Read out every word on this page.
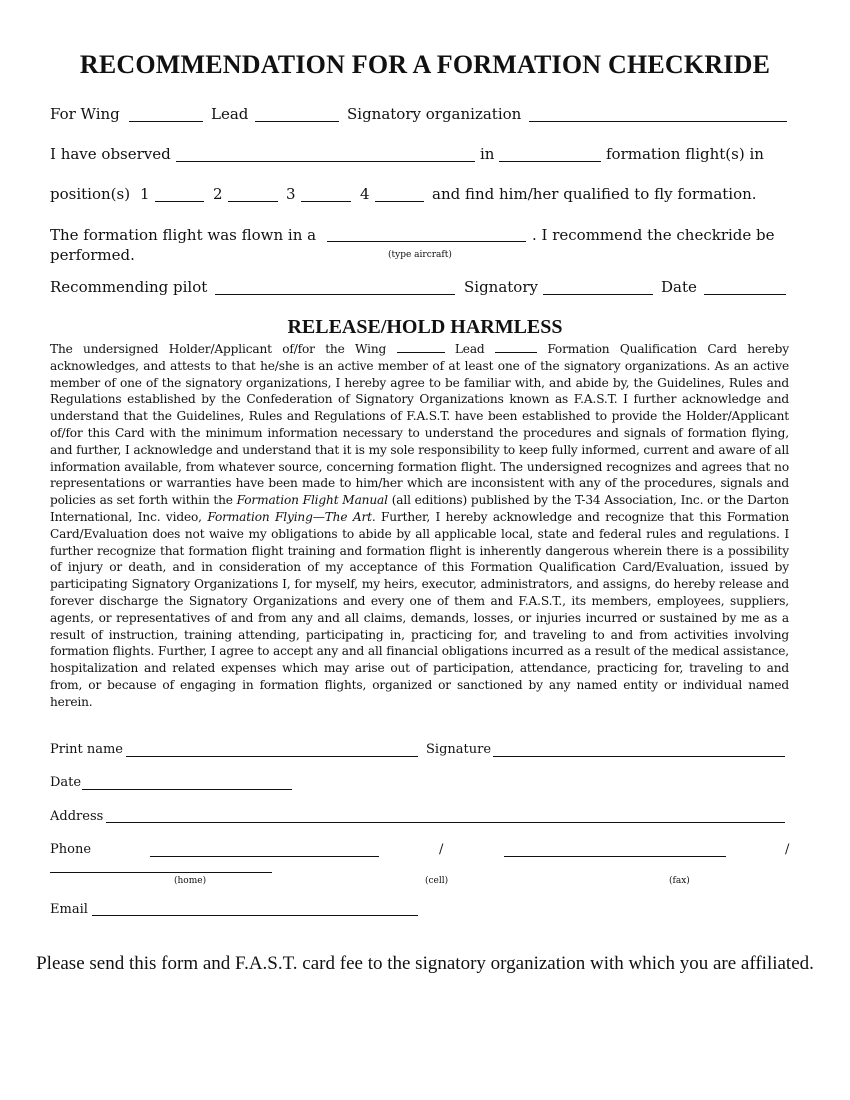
RECOMMENDATION FOR A FORMATION CHECKRIDE
For Wing	Lead	Signatory organization
I have observed	in	formation flight(s) in
position(s) 1	2	3	4	and find him/her qualified to fly formation.
The formation flight was flown in a	. I recommend the checkride be
performed.	(type aircraft)
Recommending pilot	Signatory	Date
RELEASE/HOLD HARMLESS
The undersigned Holder/Applicant of/for the Wing	Lead	Formation Qualification Card hereby acknowledges, and attests to that he/she is an active member of at least one of the signatory organizations. As an active member of one of the signatory organizations, I hereby agree to be familiar with, and abide by, the Guidelines, Rules and Regulations established by the Confederation of Signatory Organizations known as F.A.S.T. I further acknowledge and understand that the Guidelines, Rules and Regulations of F.A.S.T. have been established to provide the Holder/Applicant of/for this Card with the minimum information necessary to understand the procedures and signals of formation flying, and further, I acknowledge and understand that it is my sole responsibility to keep fully informed, current and aware of all information available, from whatever source, concerning formation flight. The undersigned recognizes and agrees that no representations or warranties have been made to him/her which are inconsistent with any of the procedures, signals and policies as set forth within the Formation Flight Manual (all editions) published by the T-34 Association, Inc. or the Darton International, Inc. video, Formation Flying—The Art. Further, I hereby acknowledge and recognize that this Formation Card/Evaluation does not waive my obligations to abide by all applicable local, state and federal rules and regulations. I further recognize that formation flight training and formation flight is inherently dangerous wherein there is a possibility of injury or death, and in consideration of my acceptance of this Formation Qualification Card/Evaluation, issued by participating Signatory Organizations I, for myself, my heirs, executor, administrators, and assigns, do hereby release and forever discharge the Signatory Organizations and every one of them and F.A.S.T., its members, employees, suppliers, agents, or representatives of and from any and all claims, demands, losses, or injuries incurred or sustained by me as a result of instruction, training attending, participating in, practicing for, and traveling to and from activities involving formation flights. Further, I agree to accept any and all financial obligations incurred as a result of the medical assistance, hospitalization and related expenses which may arise out of participation, attendance, practicing for, traveling to and from, or because of engaging in formation flights, organized or sanctioned by any named entity or individual named herein.
Print name	Signature
Date
Address
Phone	/	/
(home)	(cell)	(fax)
Email
Please send this form and F.A.S.T. card fee to the signatory organization with which you are affiliated.
